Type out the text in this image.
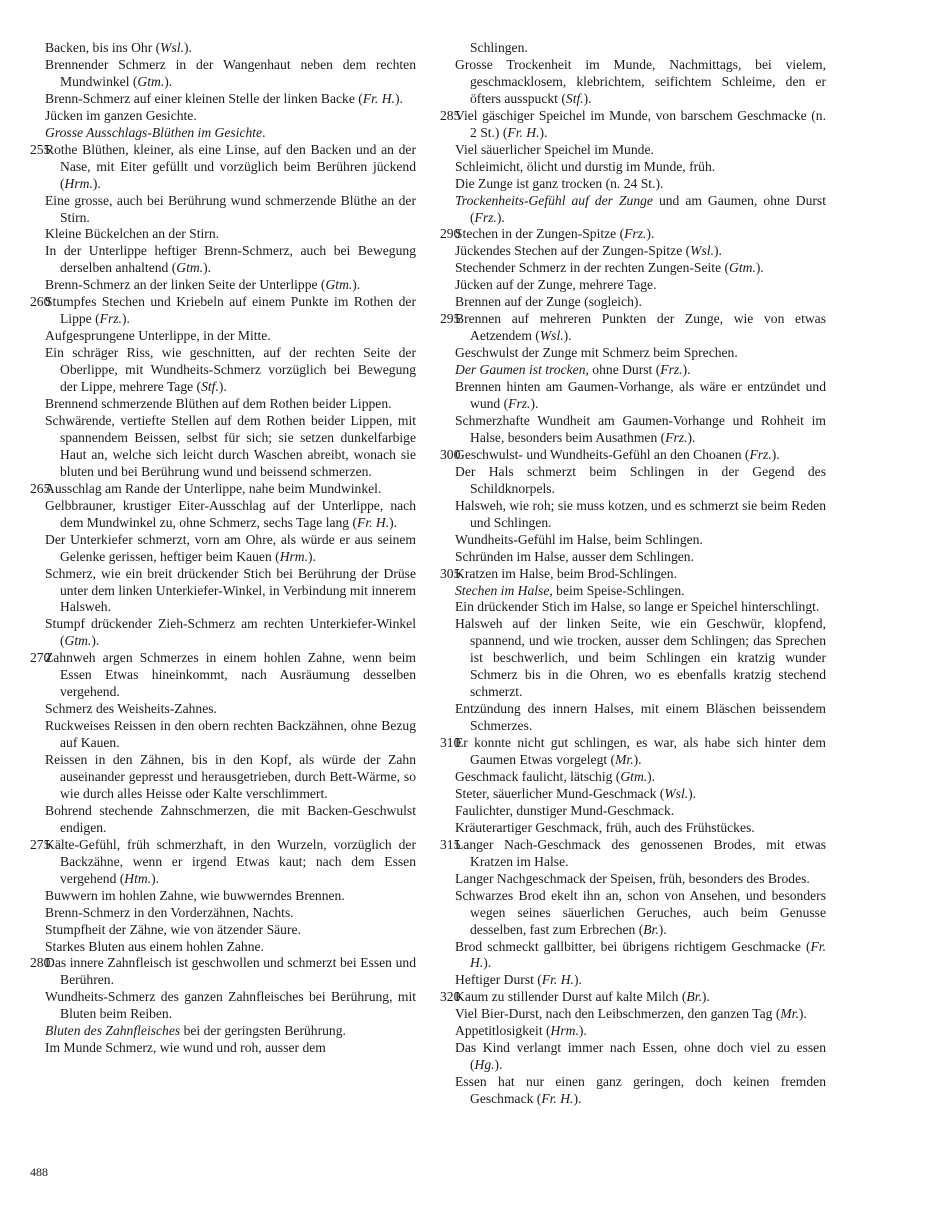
Backen, bis ins Ohr (Wsl.).
Brennender Schmerz in der Wangenhaut neben dem rechten Mundwinkel (Gtm.).
Brenn-Schmerz auf einer kleinen Stelle der linken Backe (Fr. H.).
Jücken im ganzen Gesichte.
Grosse Ausschlags-Blüthen im Gesichte.
255
Rothe Blüthen, kleiner, als eine Linse, auf den Backen und an der Nase, mit Eiter gefüllt und vorzüglich beim Berühren jückend (Hrm.).
Eine grosse, auch bei Berührung wund schmerzende Blüthe an der Stirn.
Kleine Bückelchen an der Stirn.
In der Unterlippe heftiger Brenn-Schmerz, auch bei Bewegung derselben anhaltend (Gtm.).
Brenn-Schmerz an der linken Seite der Unterlippe (Gtm.).
260
Stumpfes Stechen und Kriebeln auf einem Punkte im Rothen der Lippe (Frz.).
Aufgesprungene Unterlippe, in der Mitte.
Ein schräger Riss, wie geschnitten, auf der rechten Seite der Oberlippe, mit Wundheits-Schmerz vorzüglich bei Bewegung der Lippe, mehrere Tage (Stf.).
Brennend schmerzende Blüthen auf dem Rothen beider Lippen.
Schwärende, vertiefte Stellen auf dem Rothen beider Lippen, mit spannendem Beissen, selbst für sich; sie setzen dunkelfarbige Haut an, welche sich leicht durch Waschen abreibt, wonach sie bluten und bei Berührung wund und beissend schmerzen.
265
Ausschlag am Rande der Unterlippe, nahe beim Mundwinkel.
Gelbbrauner, krustiger Eiter-Ausschlag auf der Unterlippe, nach dem Mundwinkel zu, ohne Schmerz, sechs Tage lang (Fr. H.).
Der Unterkiefer schmerzt, vorn am Ohre, als würde er aus seinem Gelenke gerissen, heftiger beim Kauen (Hrm.).
Schmerz, wie ein breit drückender Stich bei Berührung der Drüse unter dem linken Unterkiefer-Winkel, in Verbindung mit innerem Halsweh.
Stumpf drückender Zieh-Schmerz am rechten Unterkiefer-Winkel (Gtm.).
270
Zahnweh argen Schmerzes in einem hohlen Zahne, wenn beim Essen Etwas hineinkommt, nach Ausräumung desselben vergehend.
Schmerz des Weisheits-Zahnes.
Ruckweises Reissen in den obern rechten Backzähnen, ohne Bezug auf Kauen.
Reissen in den Zähnen, bis in den Kopf, als würde der Zahn auseinander gepresst und herausgetrieben, durch Bett-Wärme, so wie durch alles Heisse oder Kalte verschlimmert.
Bohrend stechende Zahnschmerzen, die mit Backen-Geschwulst endigen.
275
Kälte-Gefühl, früh schmerzhaft, in den Wurzeln, vorzüglich der Backzähne, wenn er irgend Etwas kaut; nach dem Essen vergehend (Htm.).
Buwwern im hohlen Zahne, wie buwwerndes Brennen.
Brenn-Schmerz in den Vorderzähnen, Nachts.
Stumpfheit der Zähne, wie von ätzender Säure.
Starkes Bluten aus einem hohlen Zahne.
280
Das innere Zahnfleisch ist geschwollen und schmerzt bei Essen und Berühren.
Wundheits-Schmerz des ganzen Zahnfleisches bei Berührung, mit Bluten beim Reiben.
Bluten des Zahnfleisches bei der geringsten Berührung.
Im Munde Schmerz, wie wund und roh, ausser dem
Schlingen.
Grosse Trockenheit im Munde, Nachmittags, bei vielem, geschmacklosem, klebrichtem, seifichtem Schleime, den er öfters ausspuckt (Stf.).
285
Viel gäschiger Speichel im Munde, von barschem Geschmacke (n. 2 St.) (Fr. H.).
Viel säuerlicher Speichel im Munde.
Schleimicht, ölicht und durstig im Munde, früh.
Die Zunge ist ganz trocken (n. 24 St.).
Trockenheits-Gefühl auf der Zunge und am Gaumen, ohne Durst (Frz.).
290
Stechen in der Zungen-Spitze (Frz.).
Jückendes Stechen auf der Zungen-Spitze (Wsl.).
Stechender Schmerz in der rechten Zungen-Seite (Gtm.).
Jücken auf der Zunge, mehrere Tage.
Brennen auf der Zunge (sogleich).
295
Brennen auf mehreren Punkten der Zunge, wie von etwas Aetzendem (Wsl.).
Geschwulst der Zunge mit Schmerz beim Sprechen.
Der Gaumen ist trocken, ohne Durst (Frz.).
Brennen hinten am Gaumen-Vorhange, als wäre er entzündet und wund (Frz.).
Schmerzhafte Wundheit am Gaumen-Vorhange und Rohheit im Halse, besonders beim Ausathmen (Frz.).
300
Geschwulst- und Wundheits-Gefühl an den Choanen (Frz.).
Der Hals schmerzt beim Schlingen in der Gegend des Schildknorpels.
Halsweh, wie roh; sie muss kotzen, und es schmerzt sie beim Reden und Schlingen.
Wundheits-Gefühl im Halse, beim Schlingen.
Schründen im Halse, ausser dem Schlingen.
305
Kratzen im Halse, beim Brod-Schlingen.
Stechen im Halse, beim Speise-Schlingen.
Ein drückender Stich im Halse, so lange er Speichel hinterschlingt.
Halsweh auf der linken Seite, wie ein Geschwür, klopfend, spannend, und wie trocken, ausser dem Schlingen; das Sprechen ist beschwerlich, und beim Schlingen ein kratzig wunder Schmerz bis in die Ohren, wo es ebenfalls kratzig stechend schmerzt.
Entzündung des innern Halses, mit einem Bläschen beissendem Schmerzes.
310
Er konnte nicht gut schlingen, es war, als habe sich hinter dem Gaumen Etwas vorgelegt (Mr.).
Geschmack faulicht, lätschig (Gtm.).
Steter, säuerlicher Mund-Geschmack (Wsl.).
Faulichter, dunstiger Mund-Geschmack.
Kräuterartiger Geschmack, früh, auch des Frühstückes.
315
Langer Nach-Geschmack des genossenen Brodes, mit etwas Kratzen im Halse.
Langer Nachgeschmack der Speisen, früh, besonders des Brodes.
Schwarzes Brod ekelt ihn an, schon von Ansehen, und besonders wegen seines säuerlichen Geruches, auch beim Genusse desselben, fast zum Erbrechen (Br.).
Brod schmeckt gallbitter, bei übrigens richtigem Geschmacke (Fr. H.).
Heftiger Durst (Fr. H.).
320
Kaum zu stillender Durst auf kalte Milch (Br.).
Viel Bier-Durst, nach den Leibschmerzen, den ganzen Tag (Mr.).
Appetitlosigkeit (Hrm.).
Das Kind verlangt immer nach Essen, ohne doch viel zu essen (Hg.).
Essen hat nur einen ganz geringen, doch keinen fremden Geschmack (Fr. H.).
488
